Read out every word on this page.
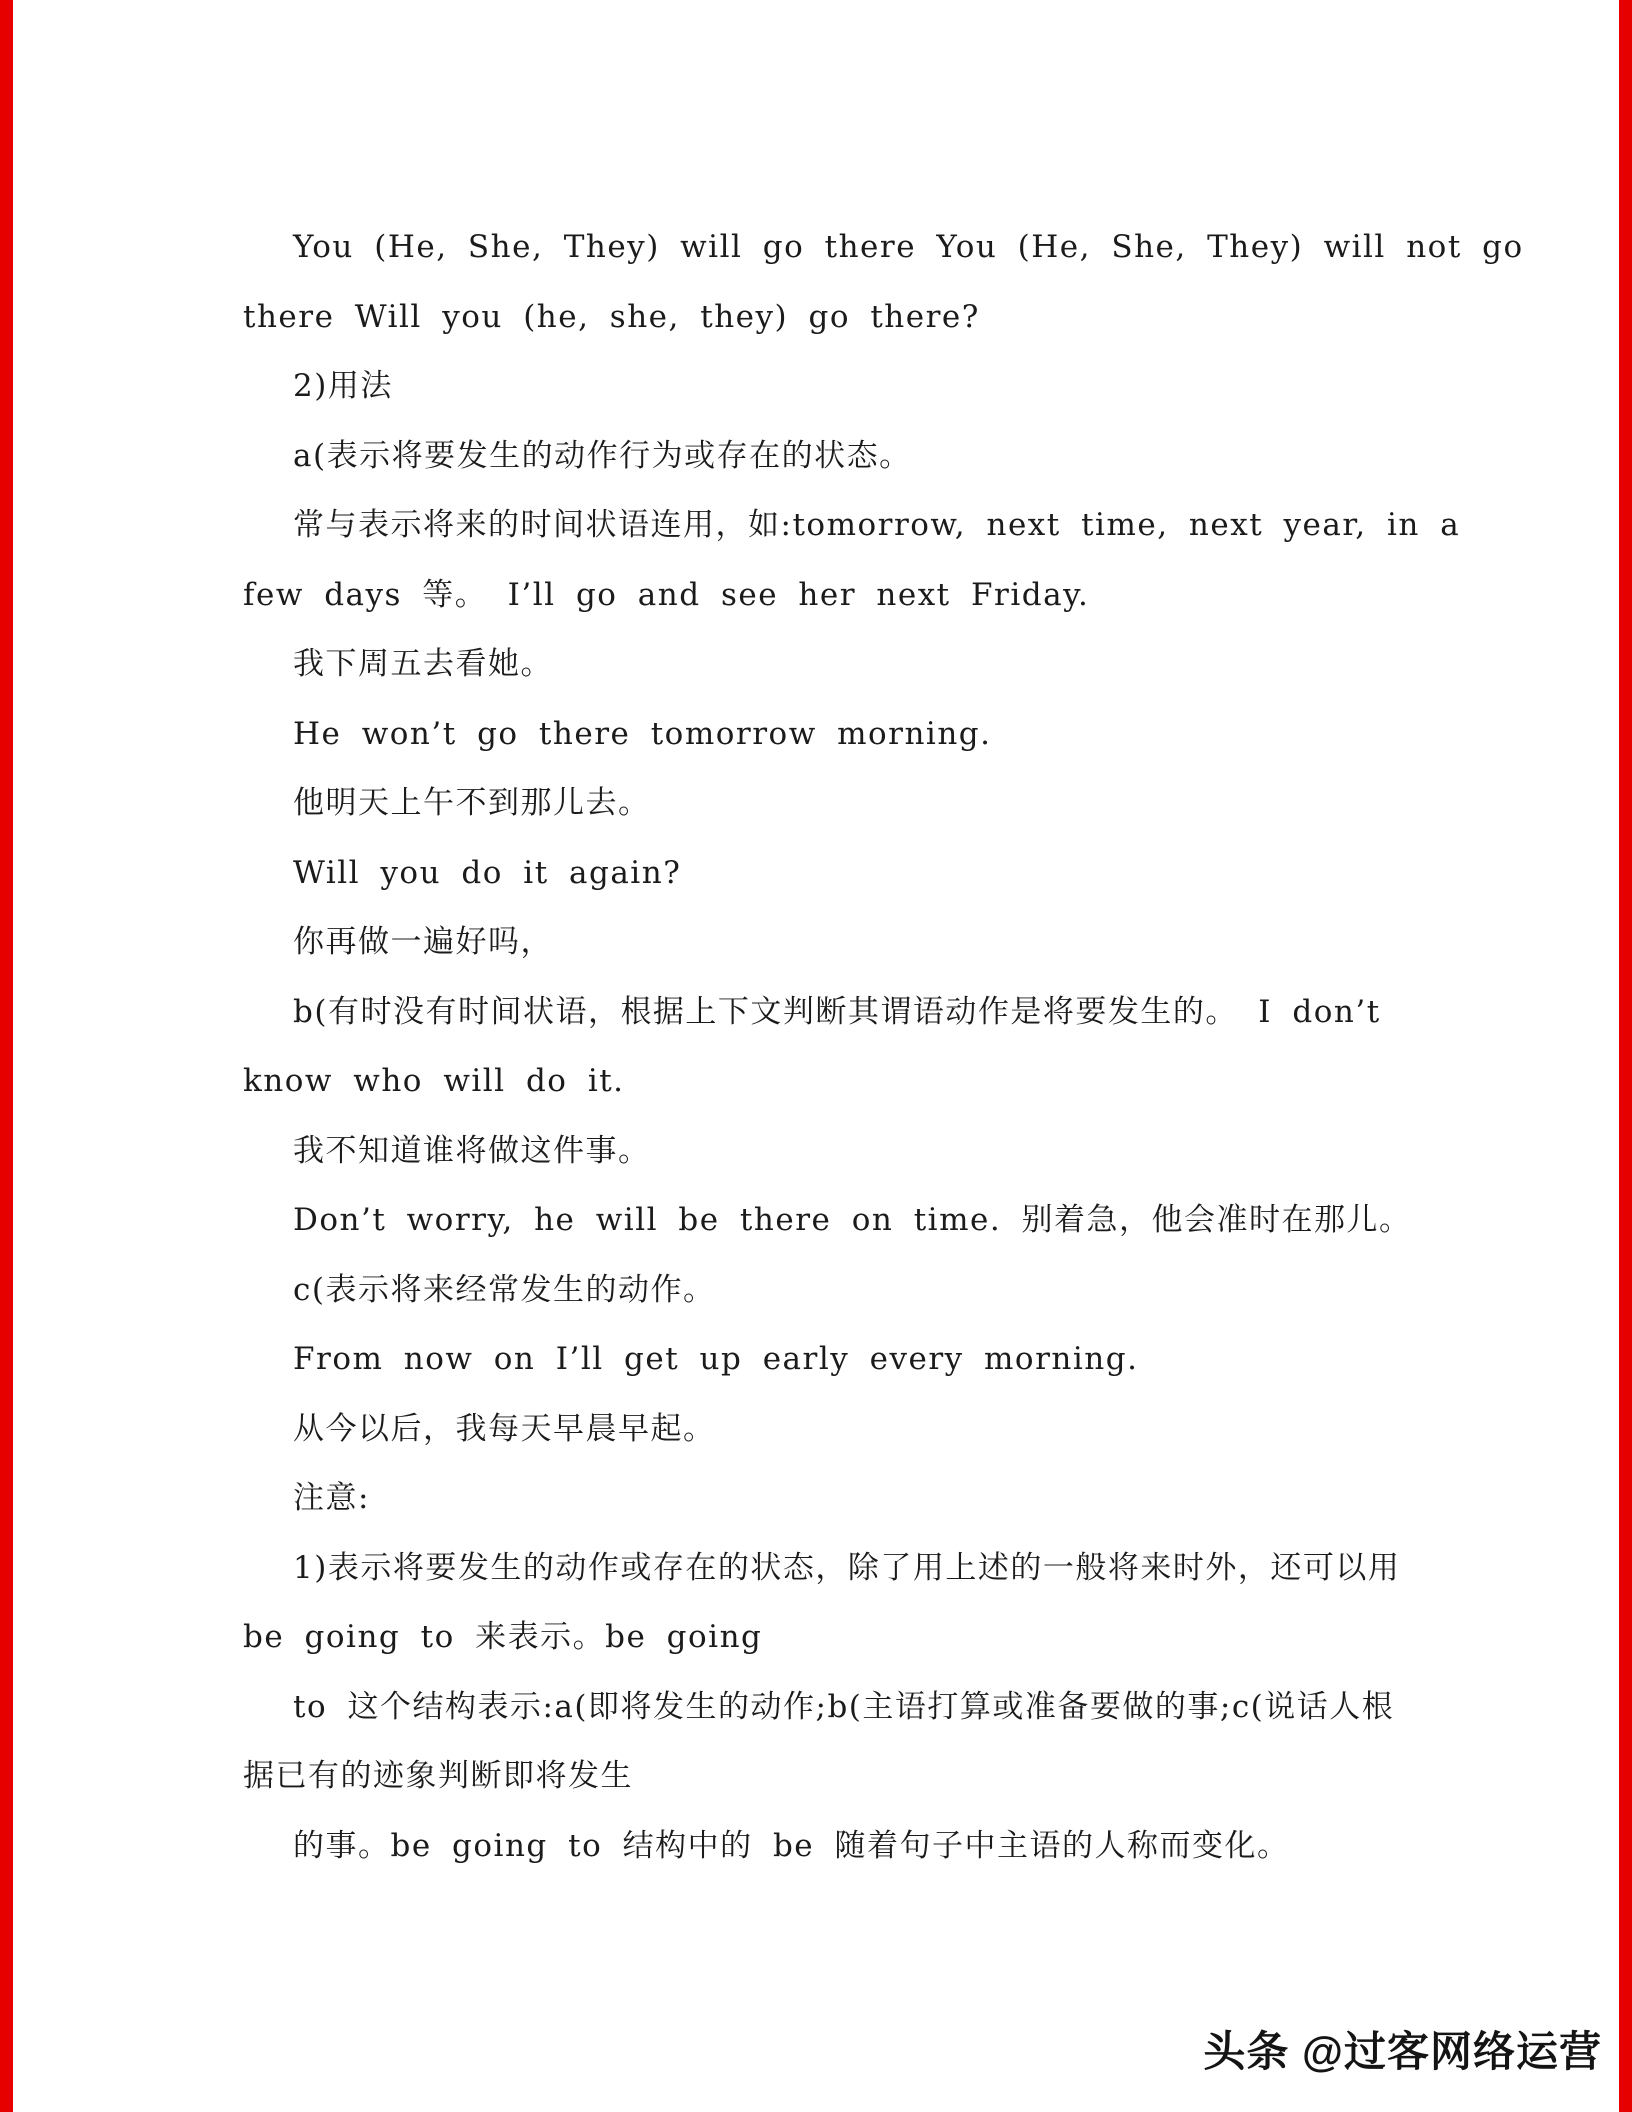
You (He, She, They) will go there You (He, She, They) will not go
there Will you (he, she, they) go there?
2)用法
a(表示将要发生的动作行为或存在的状态。
常与表示将来的时间状语连用，如:tomorrow, next time, next year, in a
few days 等。 I’ll go and see her next Friday.
我下周五去看她。
He won’t go there tomorrow morning.
他明天上午不到那儿去。
Will you do it again?
你再做一遍好吗，
b(有时没有时间状语，根据上下文判断其谓语动作是将要发生的。 I don’t
know who will do it.
我不知道谁将做这件事。
Don’t worry, he will be there on time. 别着急，他会准时在那儿。
c(表示将来经常发生的动作。
From now on I’ll get up early every morning.
从今以后，我每天早晨早起。
注意:
1)表示将要发生的动作或存在的状态，除了用上述的一般将来时外，还可以用
be going to 来表示。be going
to 这个结构表示:a(即将发生的动作;b(主语打算或准备要做的事;c(说话人根
据已有的迹象判断即将发生
的事。be going to 结构中的 be 随着句子中主语的人称而变化。
头条 @过客网络运营
